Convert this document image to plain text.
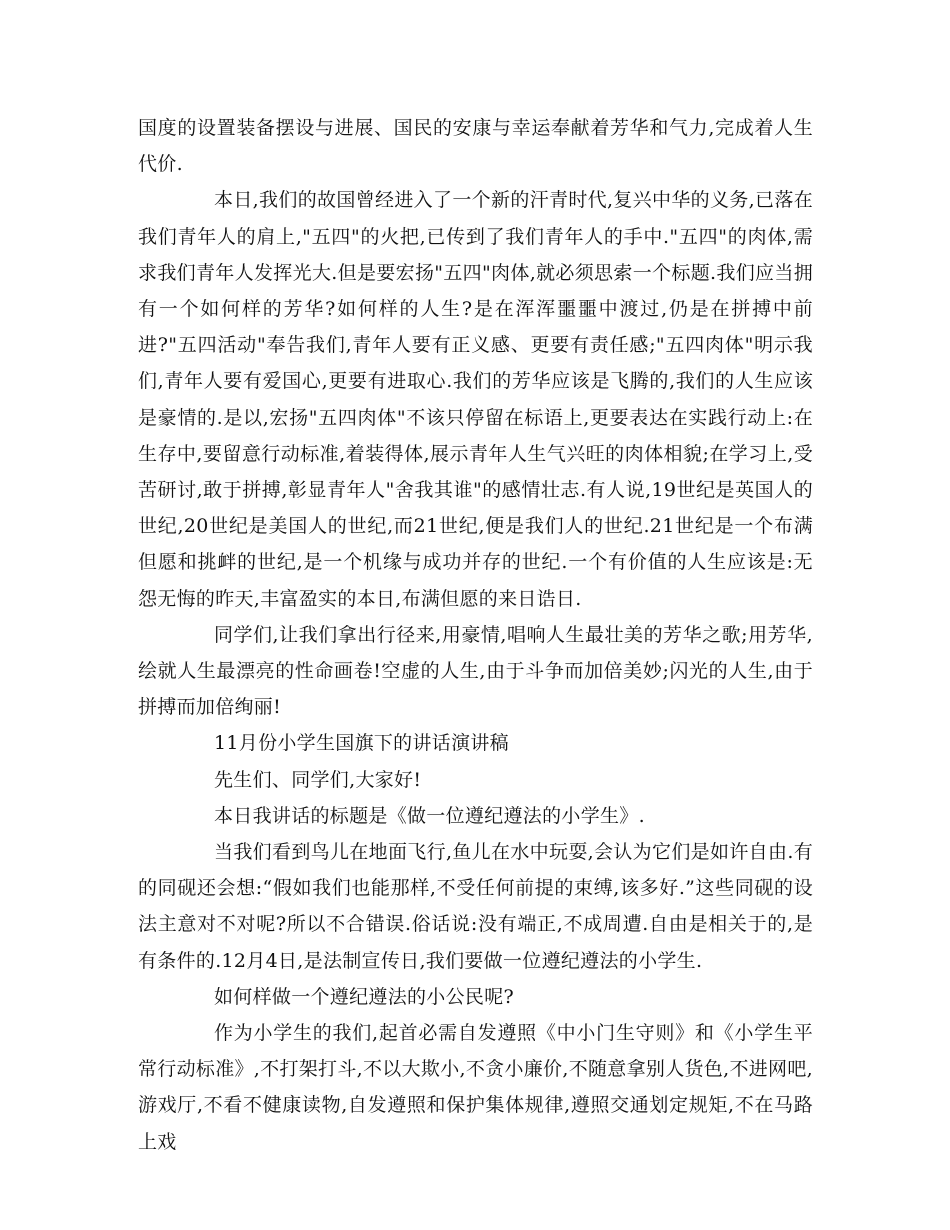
国度的设置装备摆设与进展、国民的安康与幸运奉献着芳华和气力,完成着人生代价.

本日,我们的故国曾经进入了一个新的汗青时代,复兴中华的义务,已落在我们青年人的肩上,"五四"的火把,已传到了我们青年人的手中."五四"的肉体,需求我们青年人发挥光大.但是要宏扬"五四"肉体,就必须思索一个标题.我们应当拥有一个如何样的芳华?如何样的人生?是在浑浑噩噩中渡过,仍是在拼搏中前进?"五四活动"奉告我们,青年人要有正义感、更要有责任感;"五四肉体"明示我们,青年人要有爱国心,更要有进取心.我们的芳华应该是飞腾的,我们的人生应该是豪情的.是以,宏扬"五四肉体"不该只停留在标语上,更要表达在实践行动上:在生存中,要留意行动标准,着装得体,展示青年人生气兴旺的肉体相貌;在学习上,受苦研讨,敢于拼搏,彰显青年人"舍我其谁"的感情壮志.有人说,19世纪是英国人的世纪,20世纪是美国人的世纪,而21世纪,便是我们人的世纪.21世纪是一个布满但愿和挑衅的世纪,是一个机缘与成功并存的世纪.一个有价值的人生应该是:无怨无悔的昨天,丰富盈实的本日,布满但愿的来日诰日.

同学们,让我们拿出行径来,用豪情,唱响人生最壮美的芳华之歌;用芳华,绘就人生最漂亮的性命画卷!空虚的人生,由于斗争而加倍美妙;闪光的人生,由于拼搏而加倍绚丽!

11月份小学生国旗下的讲话演讲稿

先生们、同学们,大家好!

本日我讲话的标题是《做一位遵纪遵法的小学生》.

当我们看到鸟儿在地面飞行,鱼儿在水中玩耍,会认为它们是如许自由.有的同砚还会想:“假如我们也能那样,不受任何前提的束缚,该多好.”这些同砚的设法主意对不对呢?所以不合错误.俗话说:没有端正,不成周遭.自由是相关于的,是有条件的.12月4日,是法制宣传日,我们要做一位遵纪遵法的小学生.

如何样做一个遵纪遵法的小公民呢?

作为小学生的我们,起首必需自发遵照《中小门生守则》和《小学生平常行动标准》,不打架打斗,不以大欺小,不贪小廉价,不随意拿别人货色,不进网吧,游戏厅,不看不健康读物,自发遵照和保护集体规律,遵照交通划定规矩,不在马路上戏
